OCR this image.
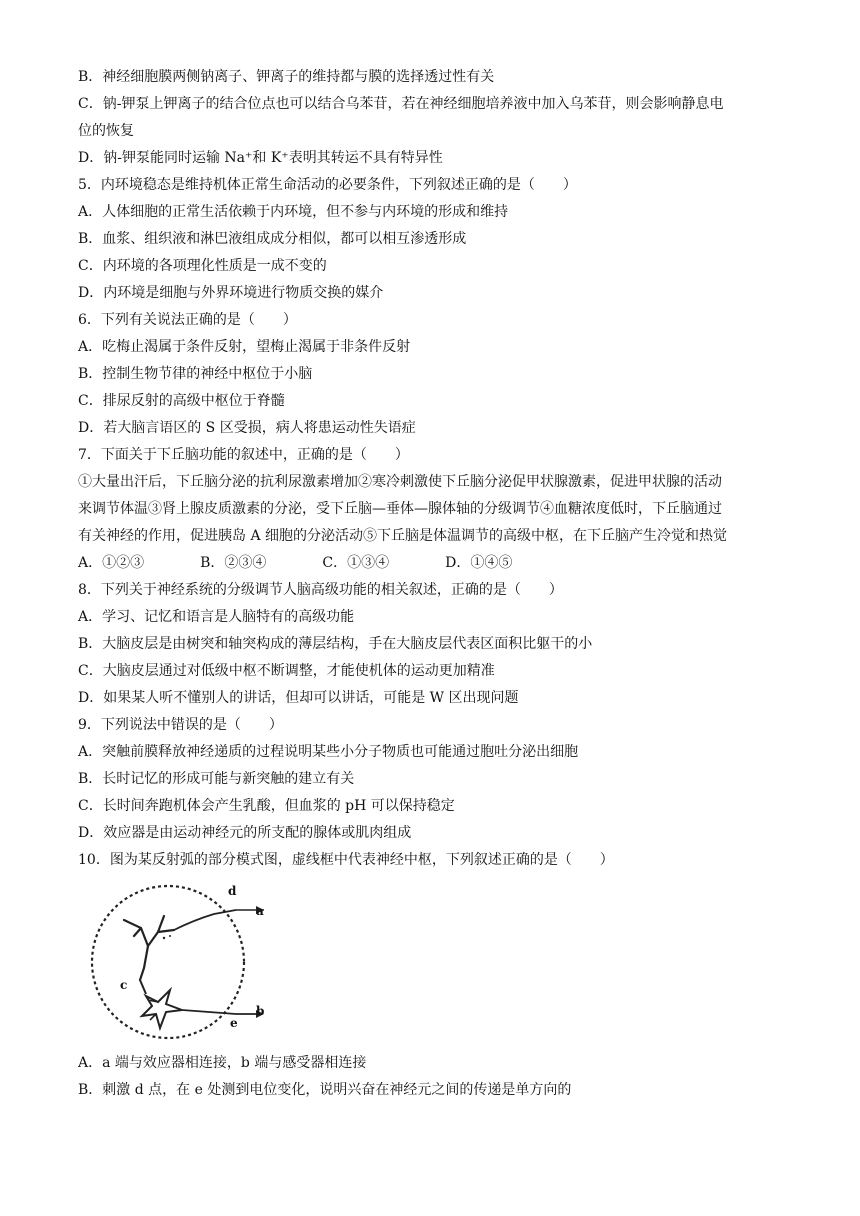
B．神经细胞膜两侧钠离子、钾离子的维持都与膜的选择透过性有关
C．钠-钾泵上钾离子的结合位点也可以结合乌苯苷，若在神经细胞培养液中加入乌苯苷，则会影响静息电
位的恢复
D．钠-钾泵能同时运输 Na⁺和 K⁺表明其转运不具有特异性
5．内环境稳态是维持机体正常生命活动的必要条件，下列叙述正确的是（　　）
A．人体细胞的正常生活依赖于内环境，但不参与内环境的形成和维持
B．血浆、组织液和淋巴液组成成分相似，都可以相互渗透形成
C．内环境的各项理化性质是一成不变的
D．内环境是细胞与外界环境进行物质交换的媒介
6．下列有关说法正确的是（　　）
A．吃梅止渴属于条件反射，望梅止渴属于非条件反射
B．控制生物节律的神经中枢位于小脑
C．排尿反射的高级中枢位于脊髓
D．若大脑言语区的 S 区受损，病人将患运动性失语症
7．下面关于下丘脑功能的叙述中，正确的是（　　）
①大量出汗后，下丘脑分泌的抗利尿激素增加②寒冷刺激使下丘脑分泌促甲状腺激素，促进甲状腺的活动
来调节体温③肾上腺皮质激素的分泌，受下丘脑—垂体—腺体轴的分级调节④血糖浓度低时，下丘脑通过
有关神经的作用，促进胰岛 A 细胞的分泌活动⑤下丘脑是体温调节的高级中枢，在下丘脑产生冷觉和热觉
A．①②③　　　　B．②③④　　　　C．①③④　　　　D．①④⑤
8．下列关于神经系统的分级调节人脑高级功能的相关叙述，正确的是（　　）
A．学习、记忆和语言是人脑特有的高级功能
B．大脑皮层是由树突和轴突构成的薄层结构，手在大脑皮层代表区面积比躯干的小
C．大脑皮层通过对低级中枢不断调整，才能使机体的运动更加精准
D．如果某人听不懂别人的讲话，但却可以讲话，可能是 W 区出现问题
9．下列说法中错误的是（　　）
A．突触前膜释放神经递质的过程说明某些小分子物质也可能通过胞吐分泌出细胞
B．长时记忆的形成可能与新突触的建立有关
C．长时间奔跑机体会产生乳酸，但血浆的 pH 可以保持稳定
D．效应器是由运动神经元的所支配的腺体或肌肉组成
10．图为某反射弧的部分模式图，虚线框中代表神经中枢，下列叙述正确的是（　　）
d
a
c
e
b
A．a 端与效应器相连接，b 端与感受器相连接
B．刺激 d 点，在 e 处测到电位变化，说明兴奋在神经元之间的传递是单方向的
